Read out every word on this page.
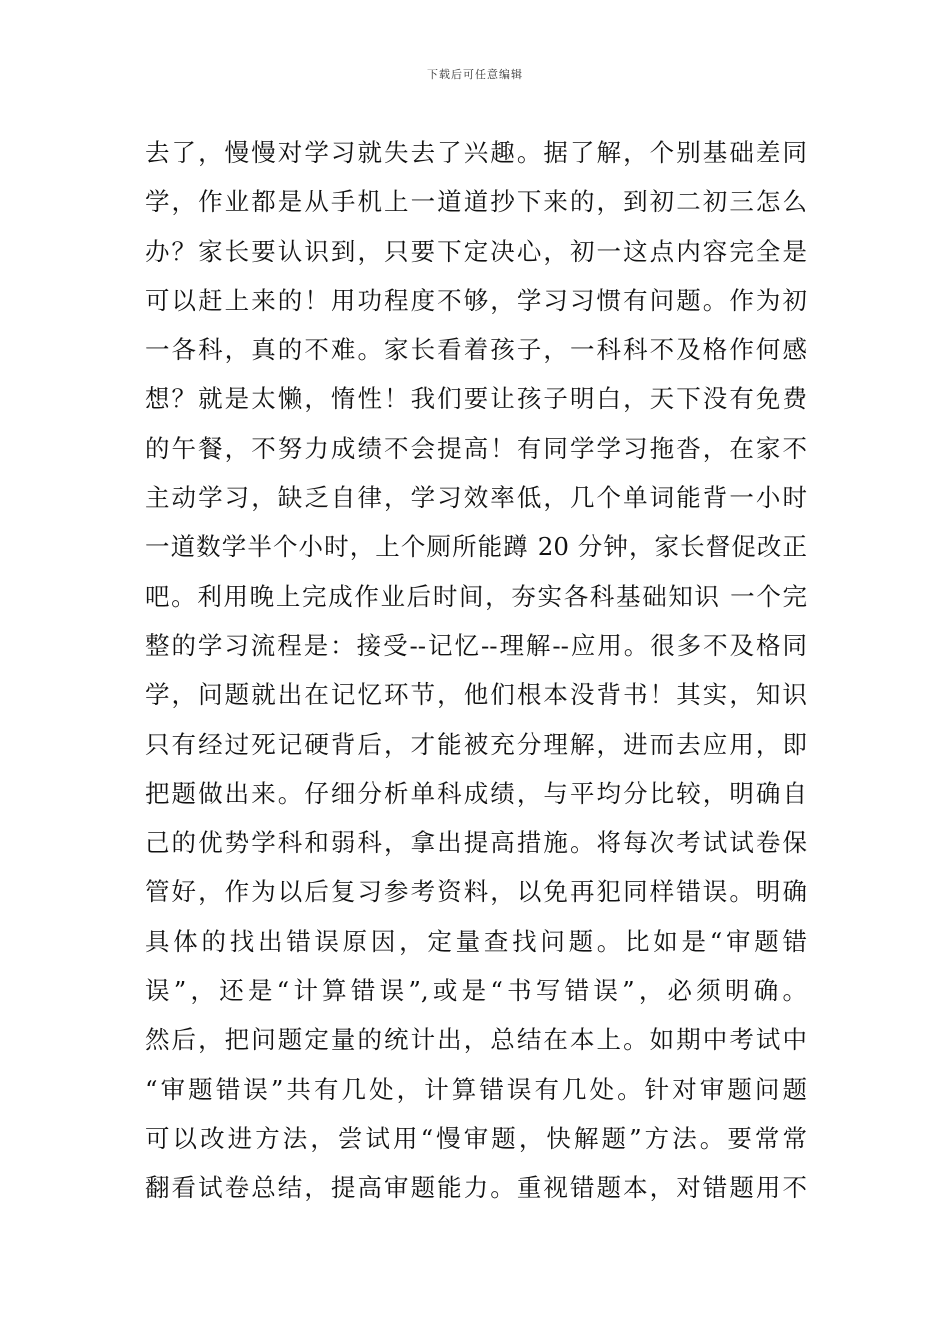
下载后可任意编辑
去了，慢慢对学习就失去了兴趣。据了解，个别基础差同
学，作业都是从手机上一道道抄下来的，到初二初三怎么
办？家长要认识到，只要下定决心，初一这点内容完全是
可以赶上来的！用功程度不够，学习习惯有问题。作为初
一各科，真的不难。家长看着孩子，一科科不及格作何感
想？就是太懒，惰性！我们要让孩子明白，天下没有免费
的午餐，不努力成绩不会提高！有同学学习拖沓，在家不
主动学习，缺乏自律，学习效率低，几个单词能背一小时
一道数学半个小时，上个厕所能蹲 20 分钟，家长督促改正
吧。利用晚上完成作业后时间，夯实各科基础知识 一个完
整的学习流程是：接受--记忆--理解--应用。很多不及格同
学，问题就出在记忆环节，他们根本没背书！其实，知识
只有经过死记硬背后，才能被充分理解，进而去应用，即
把题做出来。仔细分析单科成绩，与平均分比较，明确自
己的优势学科和弱科，拿出提高措施。将每次考试试卷保
管好，作为以后复习参考资料，以免再犯同样错误。明确
具体的找出错误原因，定量查找问题。比如是“审题错
误”，还是“计算错误”,或是“书写错误”，必须明确。
然后，把问题定量的统计出，总结在本上。如期中考试中
“审题错误”共有几处，计算错误有几处。针对审题问题
可以改进方法，尝试用“慢审题，快解题”方法。要常常
翻看试卷总结，提高审题能力。重视错题本，对错题用不
